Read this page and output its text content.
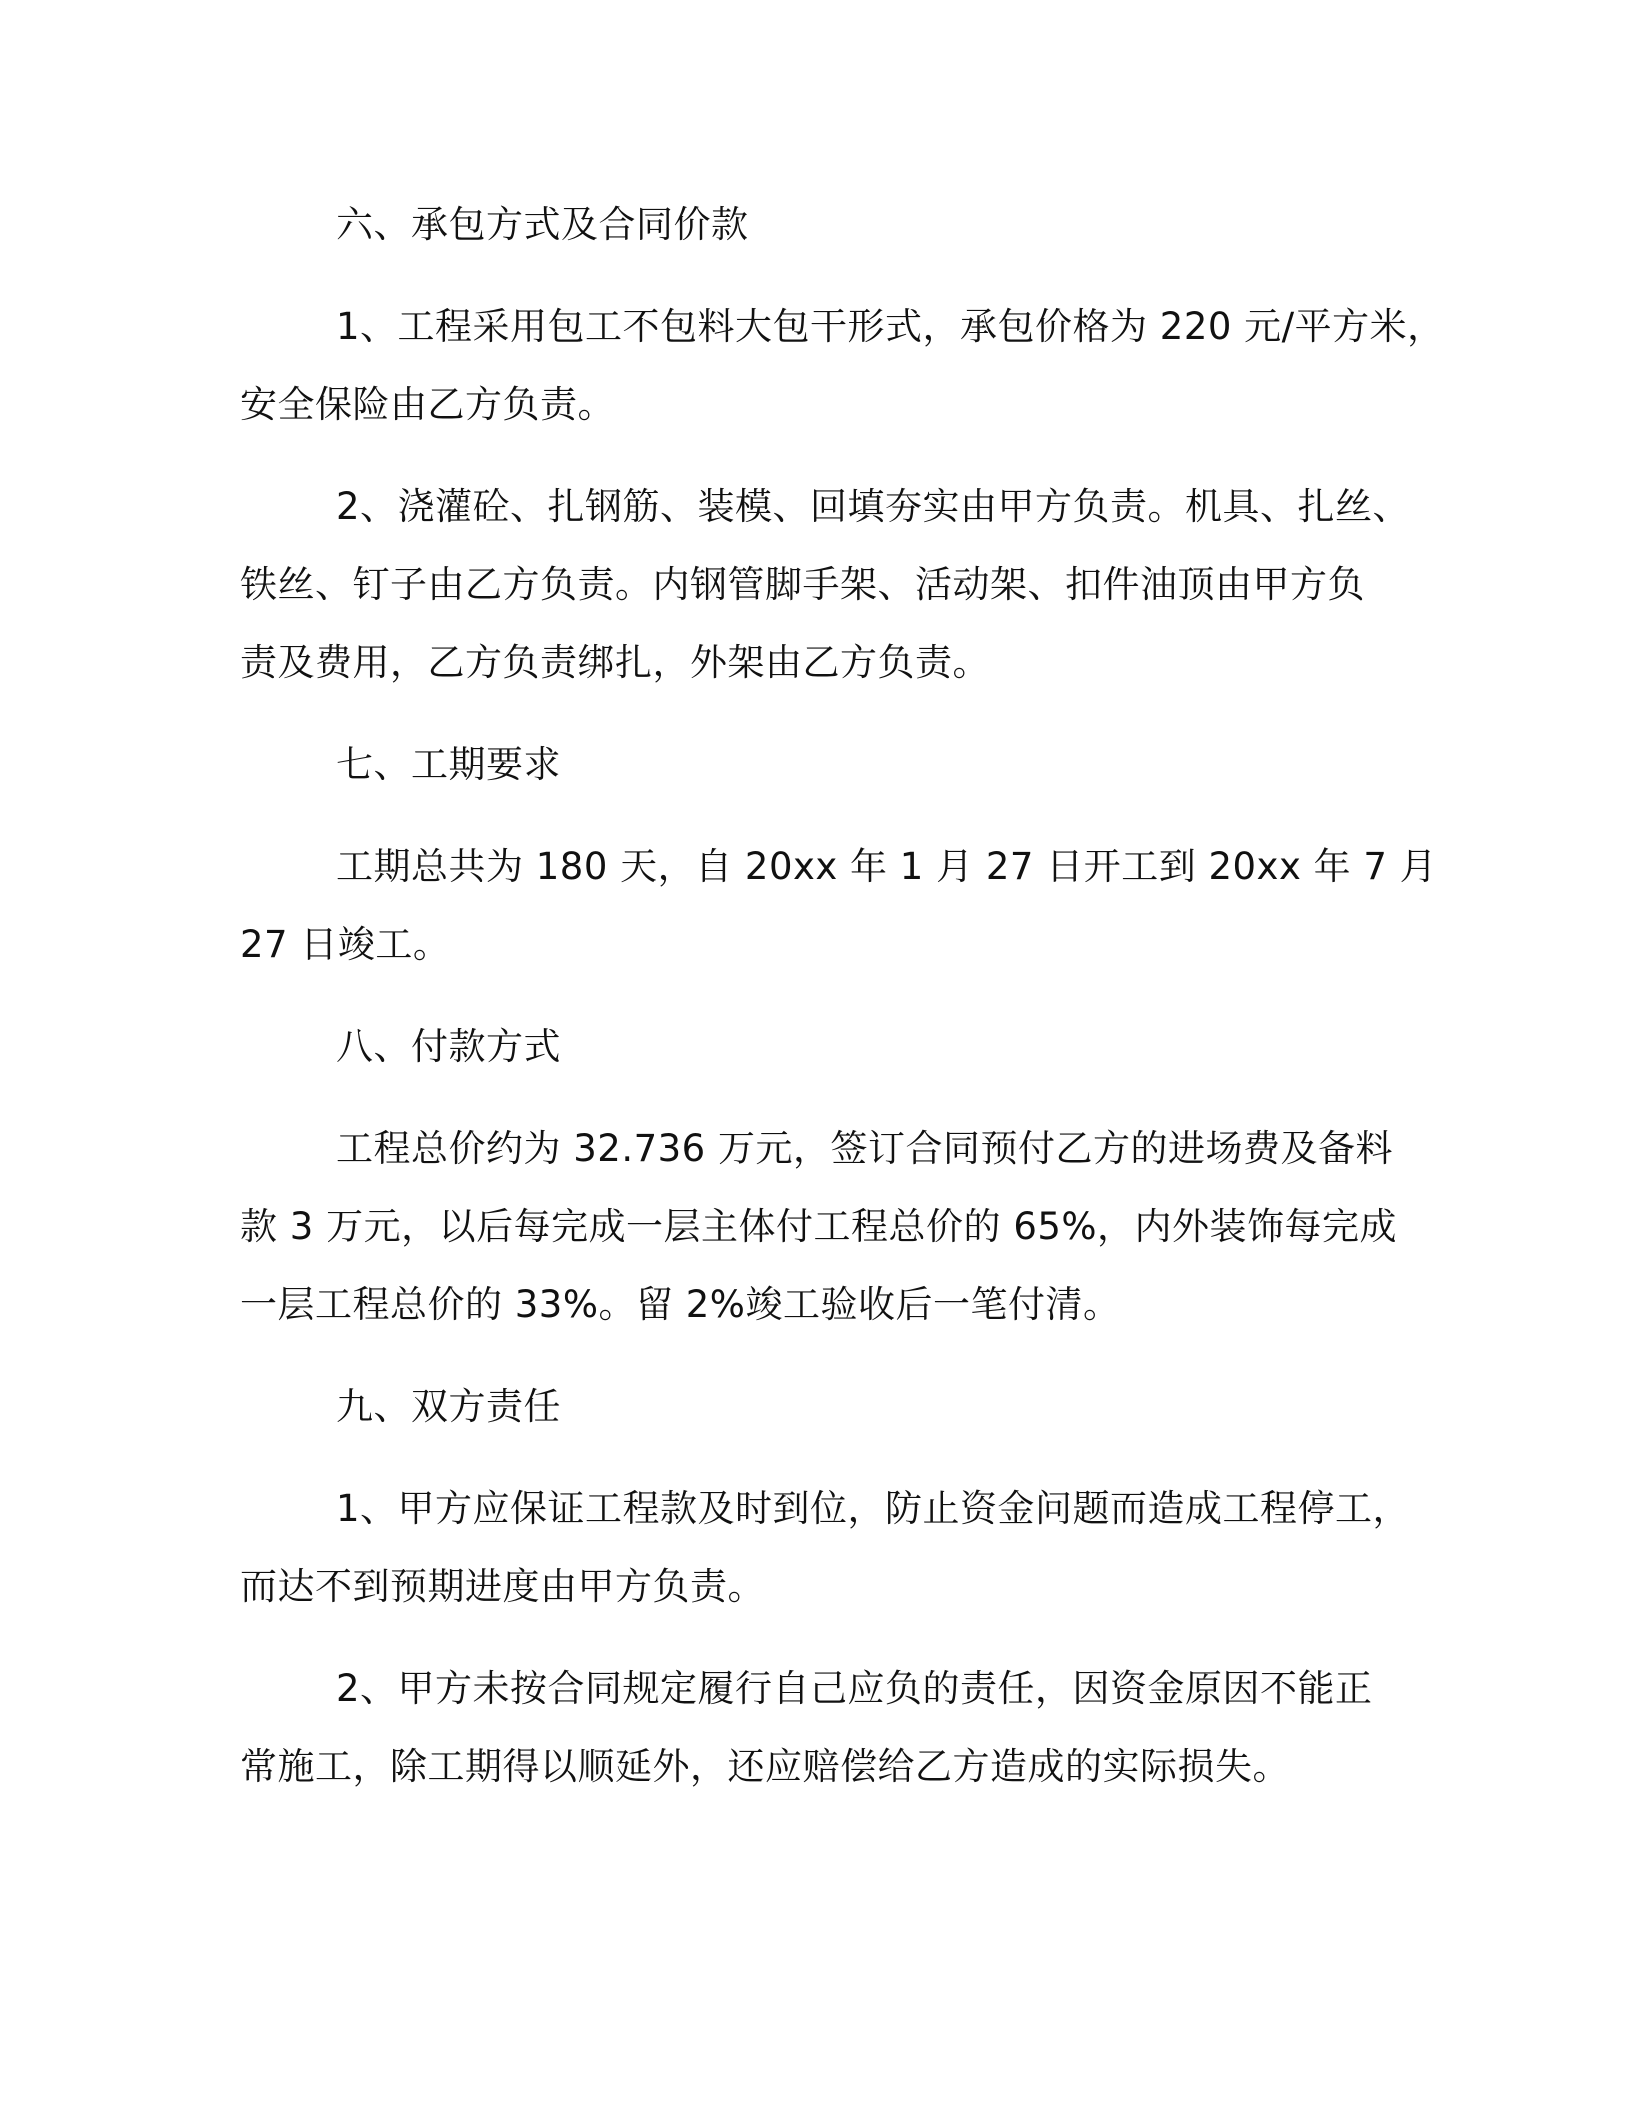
六、承包方式及合同价款

1、工程采用包工不包料大包干形式，承包价格为 220 元/平方米，

安全保险由乙方负责。

2、浇灌砼、扎钢筋、装模、回填夯实由甲方负责。机具、扎丝、

铁丝、钉子由乙方负责。内钢管脚手架、活动架、扣件油顶由甲方负

责及费用，乙方负责绑扎，外架由乙方负责。

七、工期要求

工期总共为 180 天，自 20xx 年 1 月 27 日开工到 20xx 年 7 月

27 日竣工。

八、付款方式

工程总价约为 32.736 万元，签订合同预付乙方的进场费及备料

款 3 万元，以后每完成一层主体付工程总价的 65%，内外装饰每完成

一层工程总价的 33%。留 2%竣工验收后一笔付清。

九、双方责任

1、甲方应保证工程款及时到位，防止资金问题而造成工程停工，

而达不到预期进度由甲方负责。

2、甲方未按合同规定履行自己应负的责任，因资金原因不能正

常施工，除工期得以顺延外，还应赔偿给乙方造成的实际损失。
